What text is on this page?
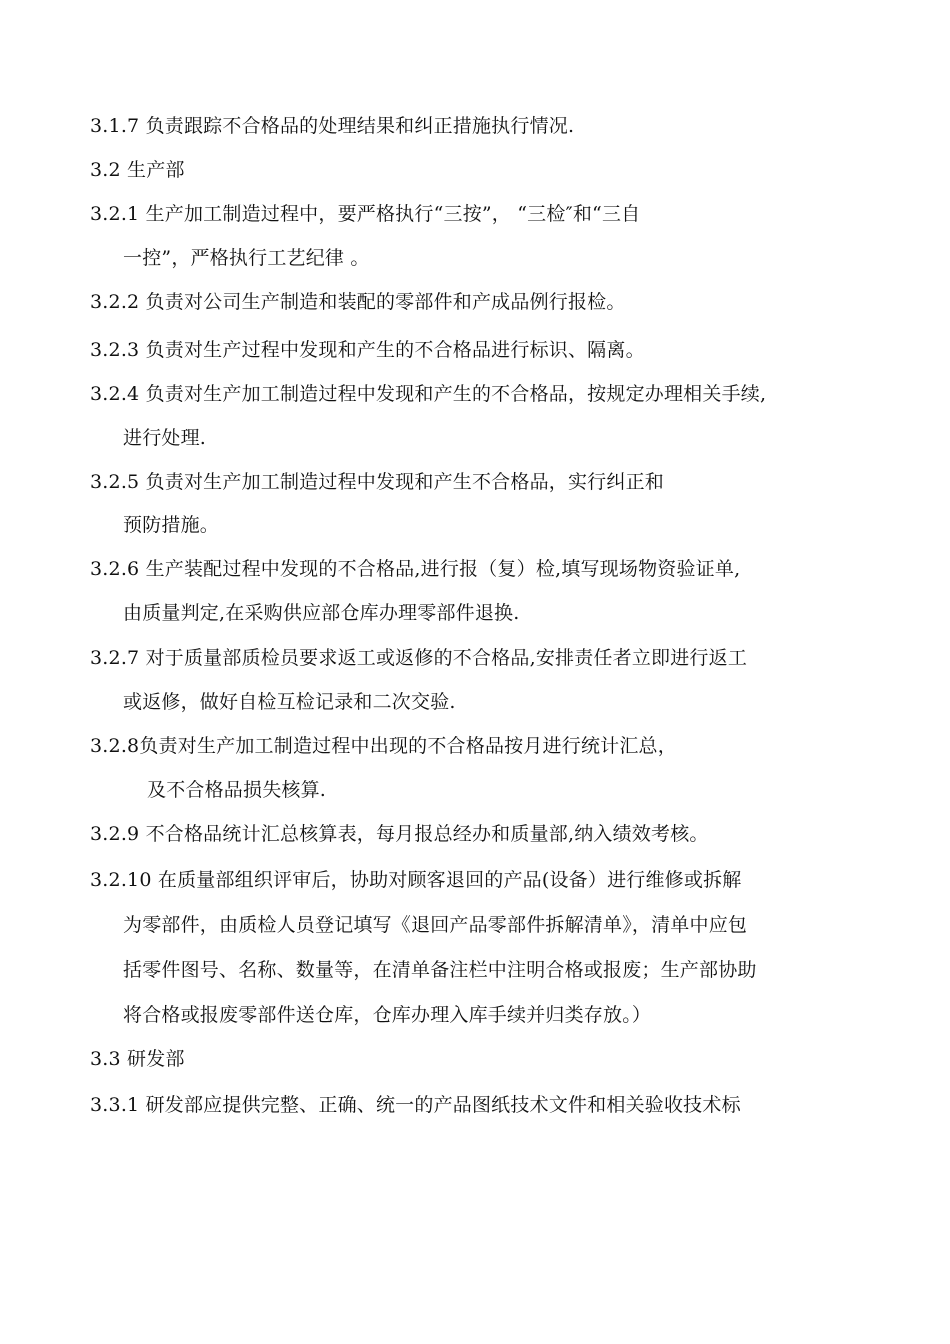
3.1.7 负责跟踪不合格品的处理结果和纠正措施执行情况.
3.2 生产部
3.2.1 生产加工制造过程中，要严格执行“三按”， “三检″和“三自
一控”，严格执行工艺纪律 。
3.2.2 负责对公司生产制造和装配的零部件和产成品例行报检。
3.2.3 负责对生产过程中发现和产生的不合格品进行标识、隔离。
3.2.4 负责对生产加工制造过程中发现和产生的不合格品，按规定办理相关手续,
进行处理.
3.2.5 负责对生产加工制造过程中发现和产生不合格品，实行纠正和
预防措施。
3.2.6 生产装配过程中发现的不合格品,进行报（复）检,填写现场物资验证单,
由质量判定,在采购供应部仓库办理零部件退换.
3.2.7 对于质量部质检员要求返工或返修的不合格品,安排责任者立即进行返工
或返修，做好自检互检记录和二次交验.
3.2.8负责对生产加工制造过程中出现的不合格品按月进行统计汇总，
及不合格品损失核算.
3.2.9 不合格品统计汇总核算表，每月报总经办和质量部,纳入绩效考核。
3.2.10 在质量部组织评审后，协助对顾客退回的产品(设备）进行维修或拆解
为零部件，由质检人员登记填写《退回产品零部件拆解清单》，清单中应包
括零件图号、名称、数量等，在清单备注栏中注明合格或报废；生产部协助
将合格或报废零部件送仓库，仓库办理入库手续并归类存放。）
3.3 研发部
3.3.1 研发部应提供完整、正确、统一的产品图纸技术文件和相关验收技术标
